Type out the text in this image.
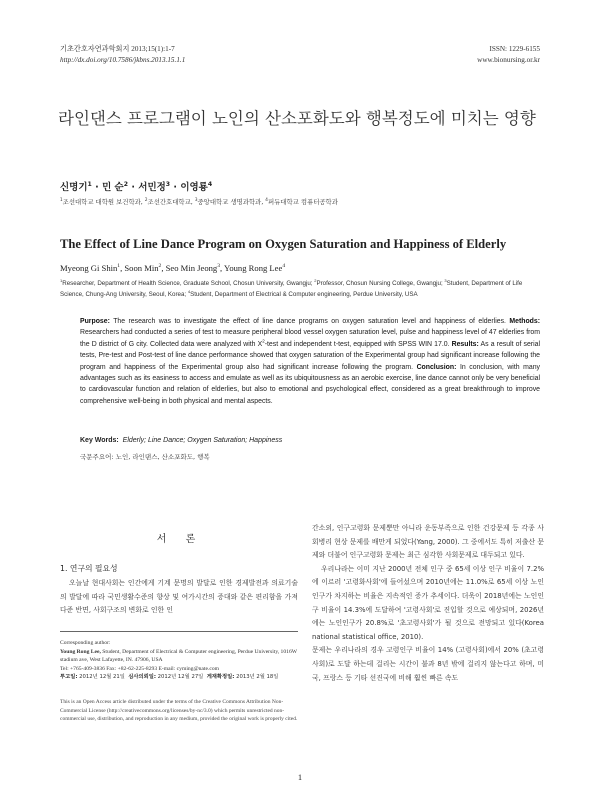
기초간호자연과학회지 2013;15(1):1-7
http://dx.doi.org/10.7586/jkbns.2013.15.1.1
ISSN: 1229-6155
www.bionursing.or.kr
라인댄스 프로그램이 노인의 산소포화도와 행복정도에 미치는 영향
신명기$^1$ · 민 순$^2$ · 서민정$^3$ · 이영룡$^4$
$^1$조선대학교 대학원 보건학과, $^2$조선간호대학교, $^3$중앙대학교 생명과학과, $^4$퍼듀대학교 컴퓨터공학과
The Effect of Line Dance Program on Oxygen Saturation and Happiness of Elderly
Myeong Gi Shin$^1$, Soon Min$^2$, Seo Min Jeong$^3$, Young Rong Lee$^4$
$^1$Researcher, Department of Health Science, Graduate School, Chosun University, Gwangju; $^2$Professor, Chosun Nursing College, Gwangju; $^3$Student, Department of Life Science, Chung-Ang University, Seoul, Korea; $^4$Student, Department of Electrical & Computer engineering, Perdue University, USA
Purpose: The research was to investigate the effect of line dance programs on oxygen saturation level and happiness of elderlies. Methods: Researchers had conducted a series of test to measure peripheral blood vessel oxygen saturation level, pulse and happiness level of 47 elderlies from the D district of G city. Collected data were analyzed with $X^2$-test and independent t-test, equipped with SPSS WIN 17.0. Results: As a result of serial tests, Pre-test and Post-test of line dance performance showed that oxygen saturation of the Experimental group had significant increase following the program and happiness of the Experimental group also had significant increase following the program. Conclusion: In conclusion, with many advantages such as its easiness to access and emulate as well as its ubiquitousness as an aerobic exercise, line dance cannot only be very beneficial to cardiovascular function and relation of elderlies, but also to emotional and psychological effect, considered as a great breakthrough to improve comprehensive well-being in both physical and mental aspects.
Key Words: Elderly; Line Dance; Oxygen Saturation; Happiness
국문주요어: 노인, 라인댄스, 산소포화도, 행복
서 론
1. 연구의 필요성
오늘날 현대사회는 인간에게 기계 문명의 발달로 인한 경제발전과 의료기술의 발달에 따라 국민생활수준의 향상 및 여가시간의 증대와 같은 편리함을 가져다준 반면, 사회구조의 변화로 인한 인
Corresponding author:
Young Rong Lee, Student, Department of Electrical & Computer engineering, Perdue University, 1016W stadium ave, West Lafayette, IN. 47906, USA
Tel: +765-409-3836 Fax: +82-62-225-8293 E-mail: cyming@nate.com
투고일: 2012년 12월 21일 심사의뢰일: 2012년 12월 27일 게재확정일: 2013년 2월 18일
This is an Open Access article distributed under the terms of the Creative Commons Attribution Non-Commercial License (http://creativecommons.org/licenses/by-nc/3.0) which permits unrestricted non-commercial use, distribution, and reproduction in any medium, provided the original work is properly cited.
간소외, 인구고령화 문제뿐만 아니라 운동부족으로 인한 건강문제 등 각종 사회병리 현상 문제를 배만게 되었다(Yang, 2000). 그 중에서도 특히 저출산 문제와 더불어 인구고령화 문제는 최근 심각한 사회문제로 대두되고 있다.
우리나라는 이미 지난 2000년 전체 인구 중 65세 이상 인구 비율이 7.2%에 이르러 '고령화사회'에 들어섰으며 2010년에는 11.0%로 65세 이상 노인 인구가 차지하는 비율은 지속적인 증가 추세이다. 더욱이 2018년에는 노인인구 비율이 14.3%에 도달하여 '고령사회'로 진입할 것으로 예상되며, 2026년에는 노인인구가 20.8%로 '초고령사회'가 될 것으로 전망되고 있다(Korea national statistical office, 2010).
문제는 우리나라의 경우 고령인구 비율이 14% (고령사회)에서 20% (초고령사회)로 도달 하는데 걸리는 시간이 불과 8년 밖에 걸리지 않는다고 하며, 미국, 프랑스 등 기타 선진국에 비해 훨씬 빠른 속도
1
